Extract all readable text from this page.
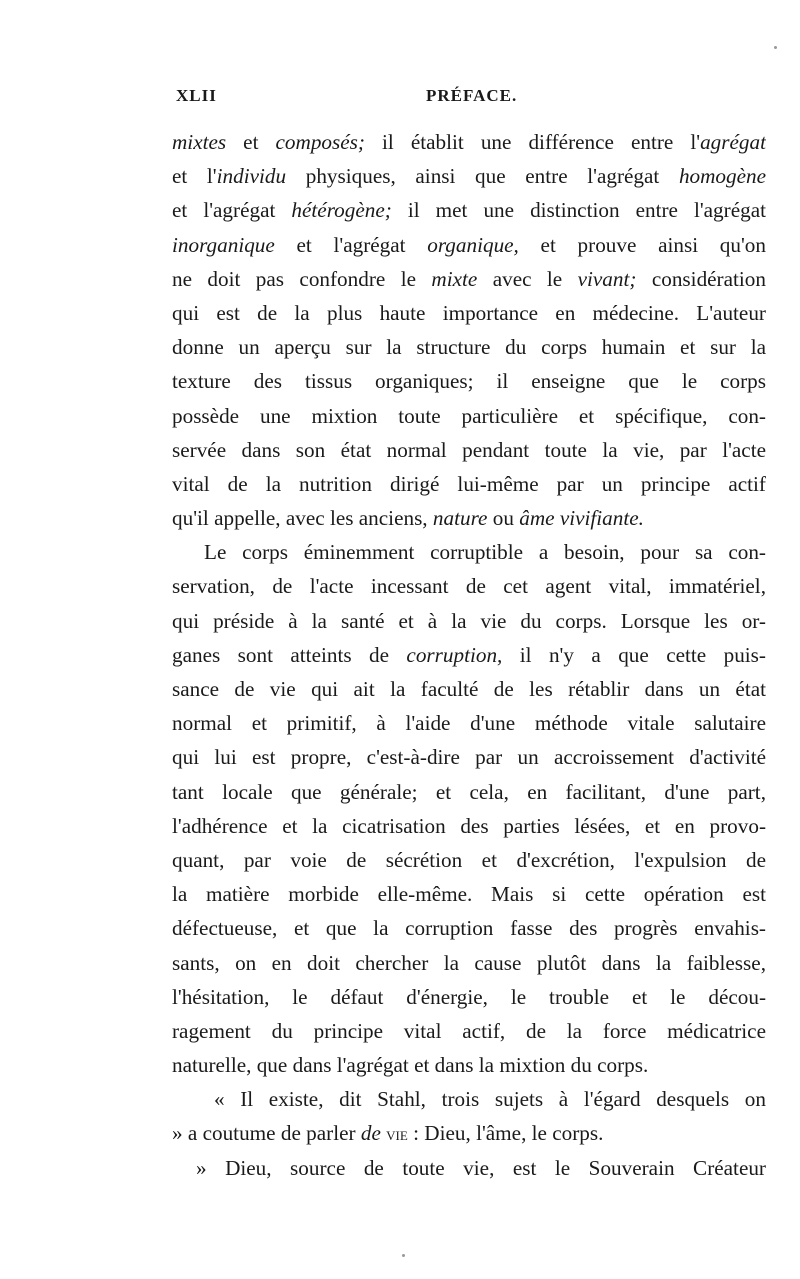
XLII	PRÉFACE.
mixtes et composés; il établit une différence entre l'agrégat
et l'individu physiques, ainsi que entre l'agrégat homogène
et l'agrégat hétérogène; il met une distinction entre l'agrégat
inorganique et l'agrégat organique, et prouve ainsi qu'on
ne doit pas confondre le mixte avec le vivant; considération
qui est de la plus haute importance en médecine. L'auteur
donne un aperçu sur la structure du corps humain et sur la
texture des tissus organiques; il enseigne que le corps
possède une mixtion toute particulière et spécifique, con-
servée dans son état normal pendant toute la vie, par l'acte
vital de la nutrition dirigé lui-même par un principe actif
qu'il appelle, avec les anciens, nature ou âme vivifiante.
Le corps éminemment corruptible a besoin, pour sa con-
servation, de l'acte incessant de cet agent vital, immatériel,
qui préside à la santé et à la vie du corps. Lorsque les or-
ganes sont atteints de corruption, il n'y a que cette puis-
sance de vie qui ait la faculté de les rétablir dans un état
normal et primitif, à l'aide d'une méthode vitale salutaire
qui lui est propre, c'est-à-dire par un accroissement d'activité
tant locale que générale; et cela, en facilitant, d'une part,
l'adhérence et la cicatrisation des parties lésées, et en provo-
quant, par voie de sécrétion et d'excrétion, l'expulsion de
la matière morbide elle-même. Mais si cette opération est
défectueuse, et que la corruption fasse des progrès envahis-
sants, on en doit chercher la cause plutôt dans la faiblesse,
l'hésitation, le défaut d'énergie, le trouble et le décou-
ragement du principe vital actif, de la force médicatrice
naturelle, que dans l'agrégat et dans la mixtion du corps.
« Il existe, dit Stahl, trois sujets à l'égard desquels on
» a coutume de parler de vie : Dieu, l'âme, le corps.
» Dieu, source de toute vie, est le Souverain Créateur
